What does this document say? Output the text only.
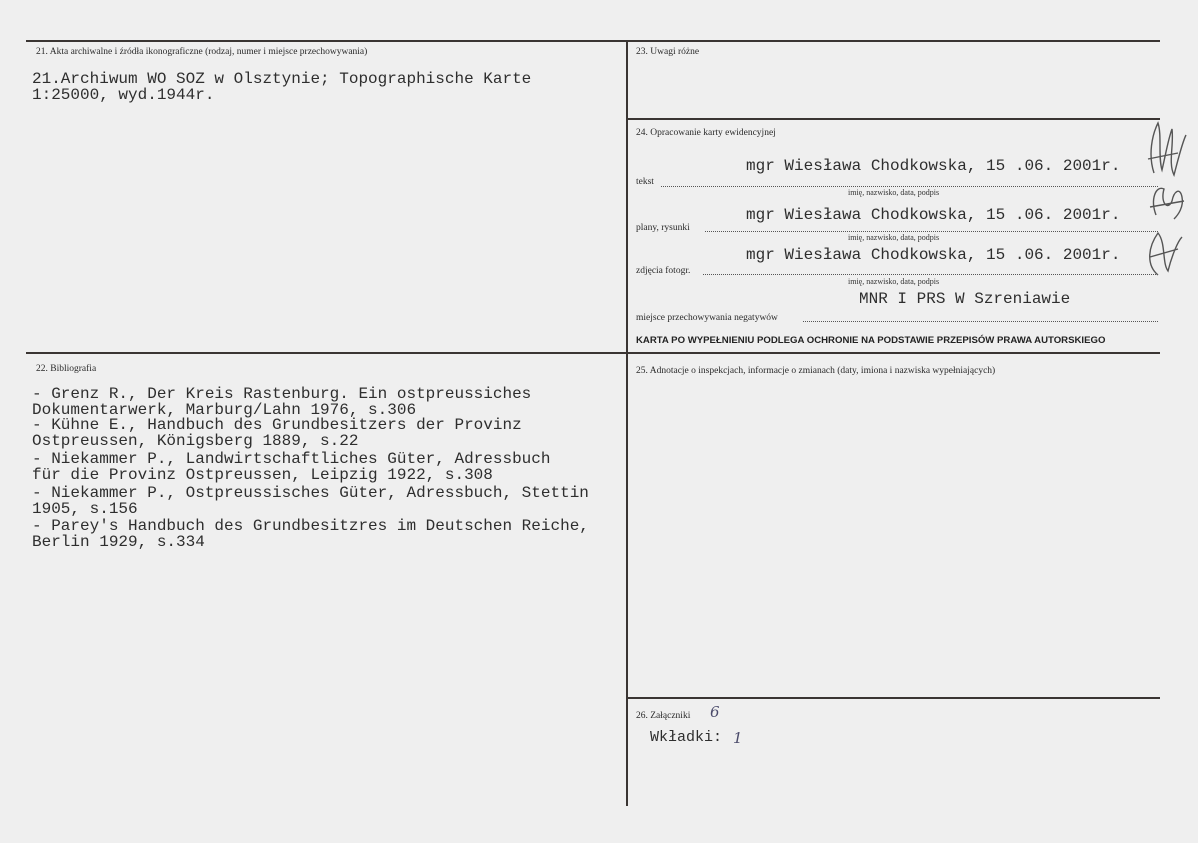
21. Akta archiwalne i źródła ikonograficzne (rodzaj, numer i miejsce przechowywania)
21.Archiwum WO SOZ w Olsztynie; Topographische Karte
1:25000, wyd.1944r.
22. Bibliografia
- Grenz R., Der Kreis Rastenburg. Ein ostpreussiches
Dokumentarwerk, Marburg/Lahn 1976, s.306
- Kühne E., Handbuch des Grundbesitzers der Provinz
Ostpreussen, Königsberg 1889, s.22
- Niekammer P., Landwirtschaftliches Güter, Adressbuch
für die Provinz Ostpreussen, Leipzig 1922, s.308
- Niekammer P., Ostpreussisches Güter, Adressbuch, Stettin
1905, s.156
- Parey's Handbuch des Grundbesitzres im Deutschen Reiche,
Berlin 1929, s.334
23. Uwagi różne
24. Opracowanie karty ewidencyjnej
mgr Wiesława Chodkowska, 15 .06. 2001r.
tekst
imię, nazwisko, data, podpis
mgr Wiesława Chodkowska, 15 .06. 2001r.
plany, rysunki
imię, nazwisko, data, podpis
mgr Wiesława Chodkowska, 15 .06. 2001r.
zdjęcia fotogr.
imię, nazwisko, data, podpis
MNR I PRS W Szreniawie
miejsce przechowywania negatywów
KARTA PO WYPEŁNIENIU PODLEGA OCHRONIE NA PODSTAWIE PRZEPISÓW PRAWA AUTORSKIEGO
25. Adnotacje o inspekcjach, informacje o zmianach (daty, imiona i nazwiska wypełniających)
26. Załączniki 6
Wkładki: 1
